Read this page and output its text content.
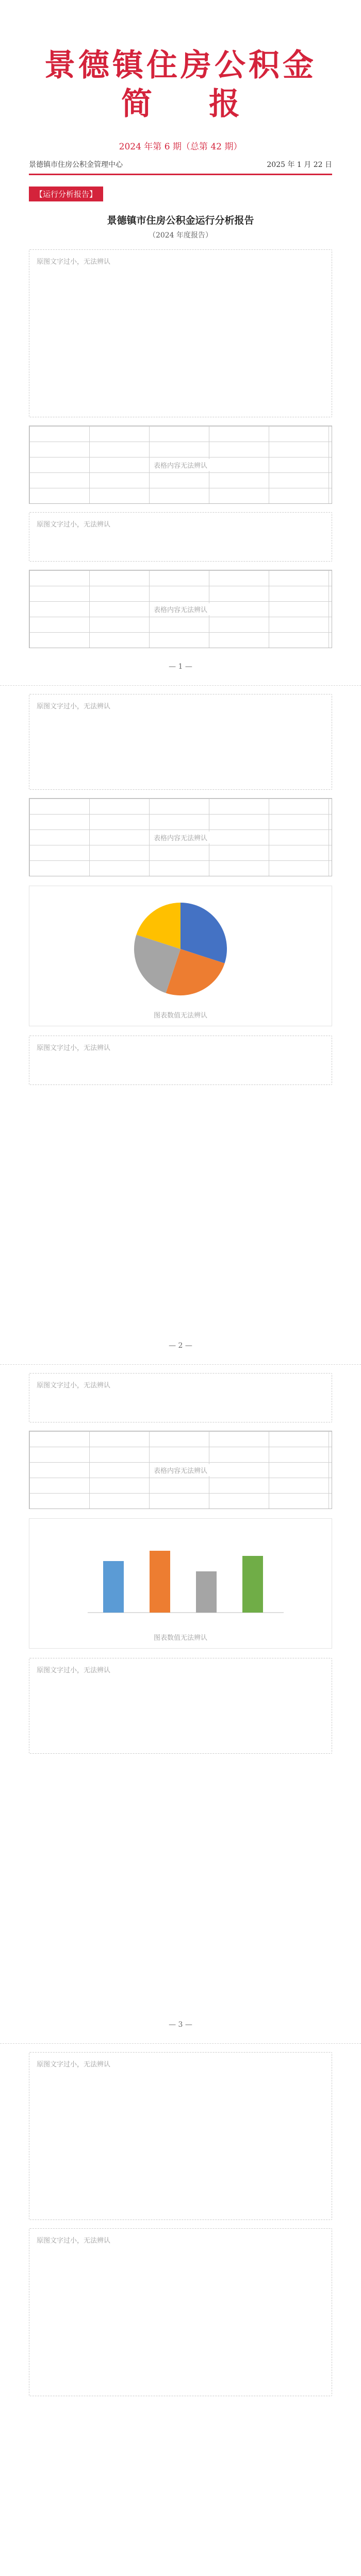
景德镇住房公积金
简报
2024 年第 6 期（总第 42 期）
景德镇市住房公积金管理中心	2025 年 1 月 22 日
【运行分析报告】
景德镇市住房公积金运行分析报告
（2024 年度报告）
原图文字过小，无法辨认
表格内容无法辨认
原图文字过小，无法辨认
表格内容无法辨认
— 1 —
原图文字过小，无法辨认
表格内容无法辨认
图表数值无法辨认
原图文字过小，无法辨认
— 2 —
原图文字过小，无法辨认
表格内容无法辨认
图表数值无法辨认
原图文字过小，无法辨认
— 3 —
原图文字过小，无法辨认
原图文字过小，无法辨认
